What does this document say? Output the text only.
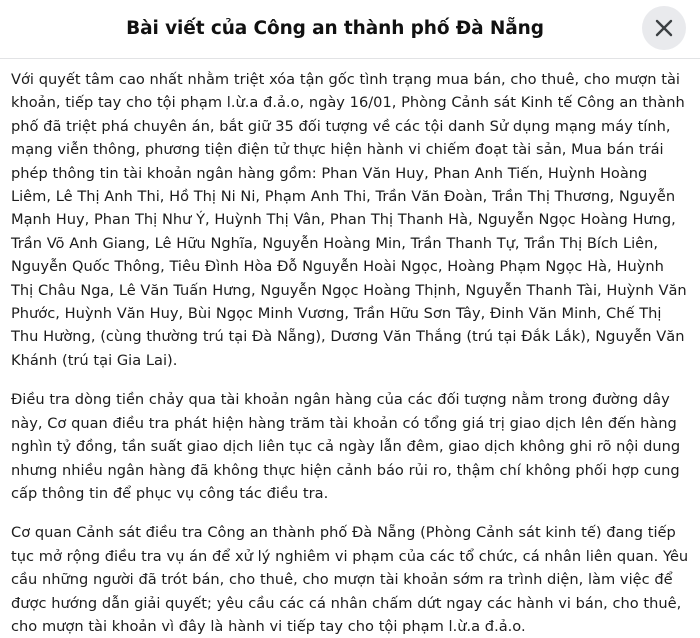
Bài viết của Công an thành phố Đà Nẵng

Với quyết tâm cao nhất nhằm triệt xóa tận gốc tình trạng mua bán, cho thuê, cho mượn tài khoản, tiếp tay cho tội phạm l.ừ.a đ.ả.o, ngày 16/01, Phòng Cảnh sát Kinh tế Công an thành phố đã triệt phá chuyên án, bắt giữ 35 đối tượng về các tội danh Sử dụng mạng máy tính, mạng viễn thông, phương tiện điện tử thực hiện hành vi chiếm đoạt tài sản, Mua bán trái phép thông tin tài khoản ngân hàng gồm: Phan Văn Huy, Phan Anh Tiến, Huỳnh Hoàng Liêm, Lê Thị Anh Thi, Hồ Thị Ni Ni, Phạm Anh Thi, Trần Văn Đoàn, Trần Thị Thương, Nguyễn Mạnh Huy, Phan Thị Như Ý, Huỳnh Thị Vân, Phan Thị Thanh Hà, Nguyễn Ngọc Hoàng Hưng, Trần Võ Anh Giang, Lê Hữu Nghĩa, Nguyễn Hoàng Min, Trần Thanh Tự, Trần Thị Bích Liên, Nguyễn Quốc Thông, Tiêu Đình Hòa Đỗ Nguyễn Hoài Ngọc, Hoàng Phạm Ngọc Hà, Huỳnh Thị Châu Nga, Lê Văn Tuấn Hưng, Nguyễn Ngọc Hoàng Thịnh, Nguyễn Thanh Tài, Huỳnh Văn Phước, Huỳnh Văn Huy, Bùi Ngọc Minh Vương, Trần Hữu Sơn Tây, Đinh Văn Minh, Chế Thị Thu Hường, (cùng thường trú tại Đà Nẵng), Dương Văn Thắng (trú tại Đắk Lắk), Nguyễn Văn Khánh (trú tại Gia Lai).

Điều tra dòng tiền chảy qua tài khoản ngân hàng của các đối tượng nằm trong đường dây này, Cơ quan điều tra phát hiện hàng trăm tài khoản có tổng giá trị giao dịch lên đến hàng nghìn tỷ đồng, tần suất giao dịch liên tục cả ngày lẫn đêm, giao dịch không ghi rõ nội dung nhưng nhiều ngân hàng đã không thực hiện cảnh báo rủi ro, thậm chí không phối hợp cung cấp thông tin để phục vụ công tác điều tra.

Cơ quan Cảnh sát điều tra Công an thành phố Đà Nẵng (Phòng Cảnh sát kinh tế) đang tiếp tục mở rộng điều tra vụ án để xử lý nghiêm vi phạm của các tổ chức, cá nhân liên quan. Yêu cầu những người đã trót bán, cho thuê, cho mượn tài khoản sớm ra trình diện, làm việc để được hướng dẫn giải quyết; yêu cầu các cá nhân chấm dứt ngay các hành vi bán, cho thuê, cho mượn tài khoản vì đây là hành vi tiếp tay cho tội phạm l.ừ.a đ.ả.o.
